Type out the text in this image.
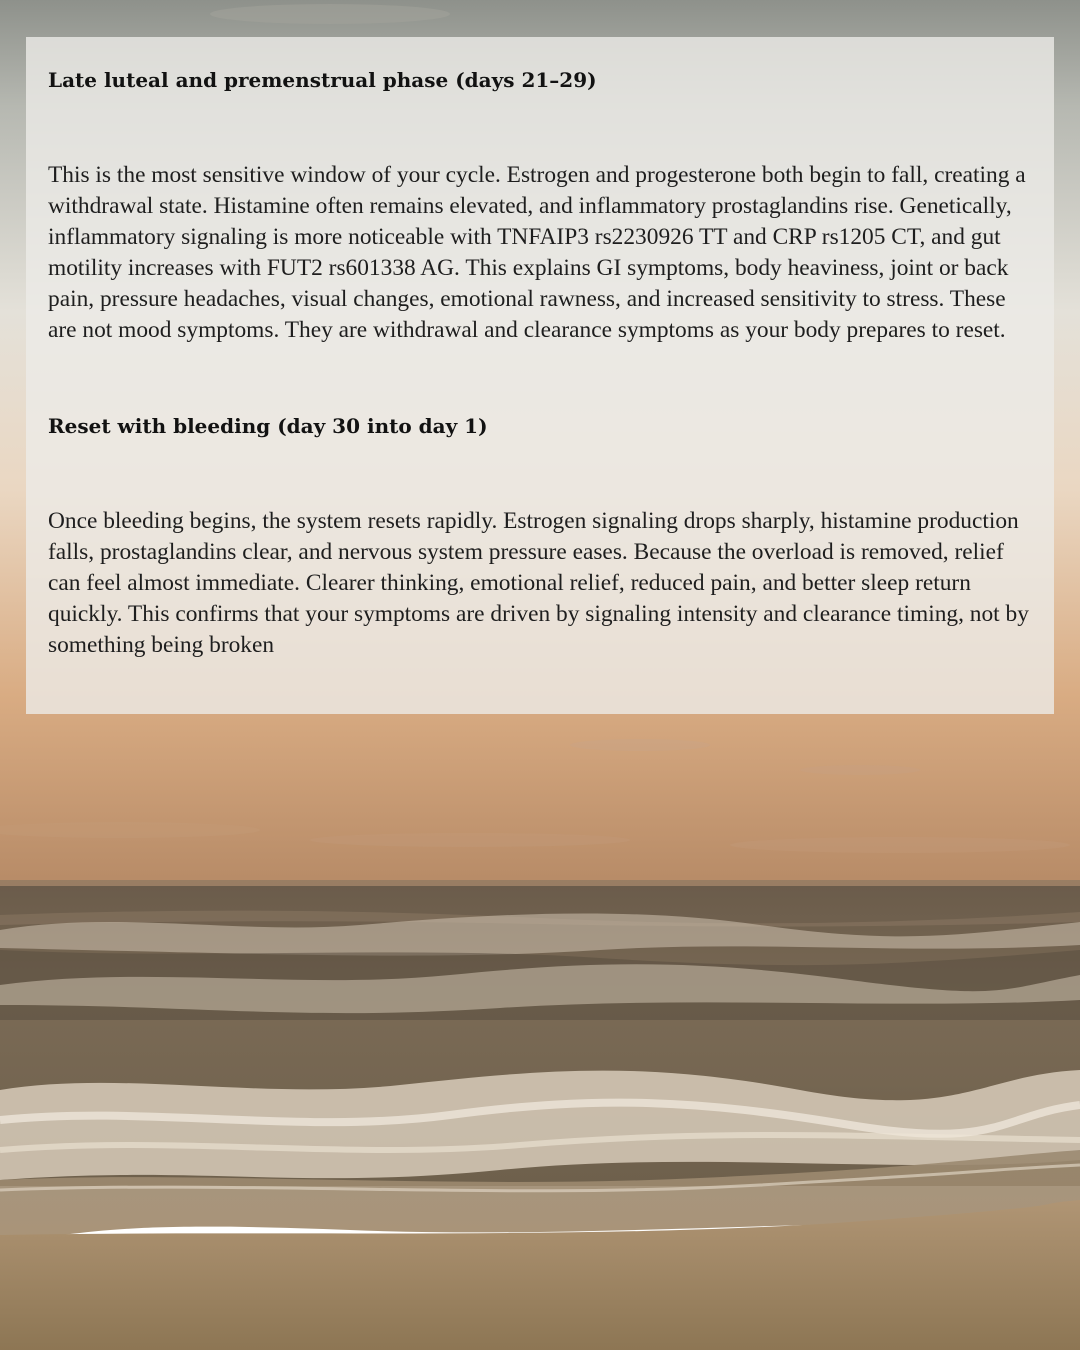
Late luteal and premenstrual phase (days 21–29)

This is the most sensitive window of your cycle. Estrogen and progesterone both begin to fall, creating a withdrawal state. Histamine often remains elevated, and inflammatory prostaglandins rise. Genetically, inflammatory signaling is more noticeable with TNFAIP3 rs2230926 TT and CRP rs1205 CT, and gut motility increases with FUT2 rs601338 AG. This explains GI symptoms, body heaviness, joint or back pain, pressure headaches, visual changes, emotional rawness, and increased sensitivity to stress. These are not mood symptoms. They are withdrawal and clearance symptoms as your body prepares to reset.

Reset with bleeding (day 30 into day 1)

Once bleeding begins, the system resets rapidly. Estrogen signaling drops sharply, histamine production falls, prostaglandins clear, and nervous system pressure eases. Because the overload is removed, relief can feel almost immediate. Clearer thinking, emotional relief, reduced pain, and better sleep return quickly. This confirms that your symptoms are driven by signaling intensity and clearance timing, not by something being broken
